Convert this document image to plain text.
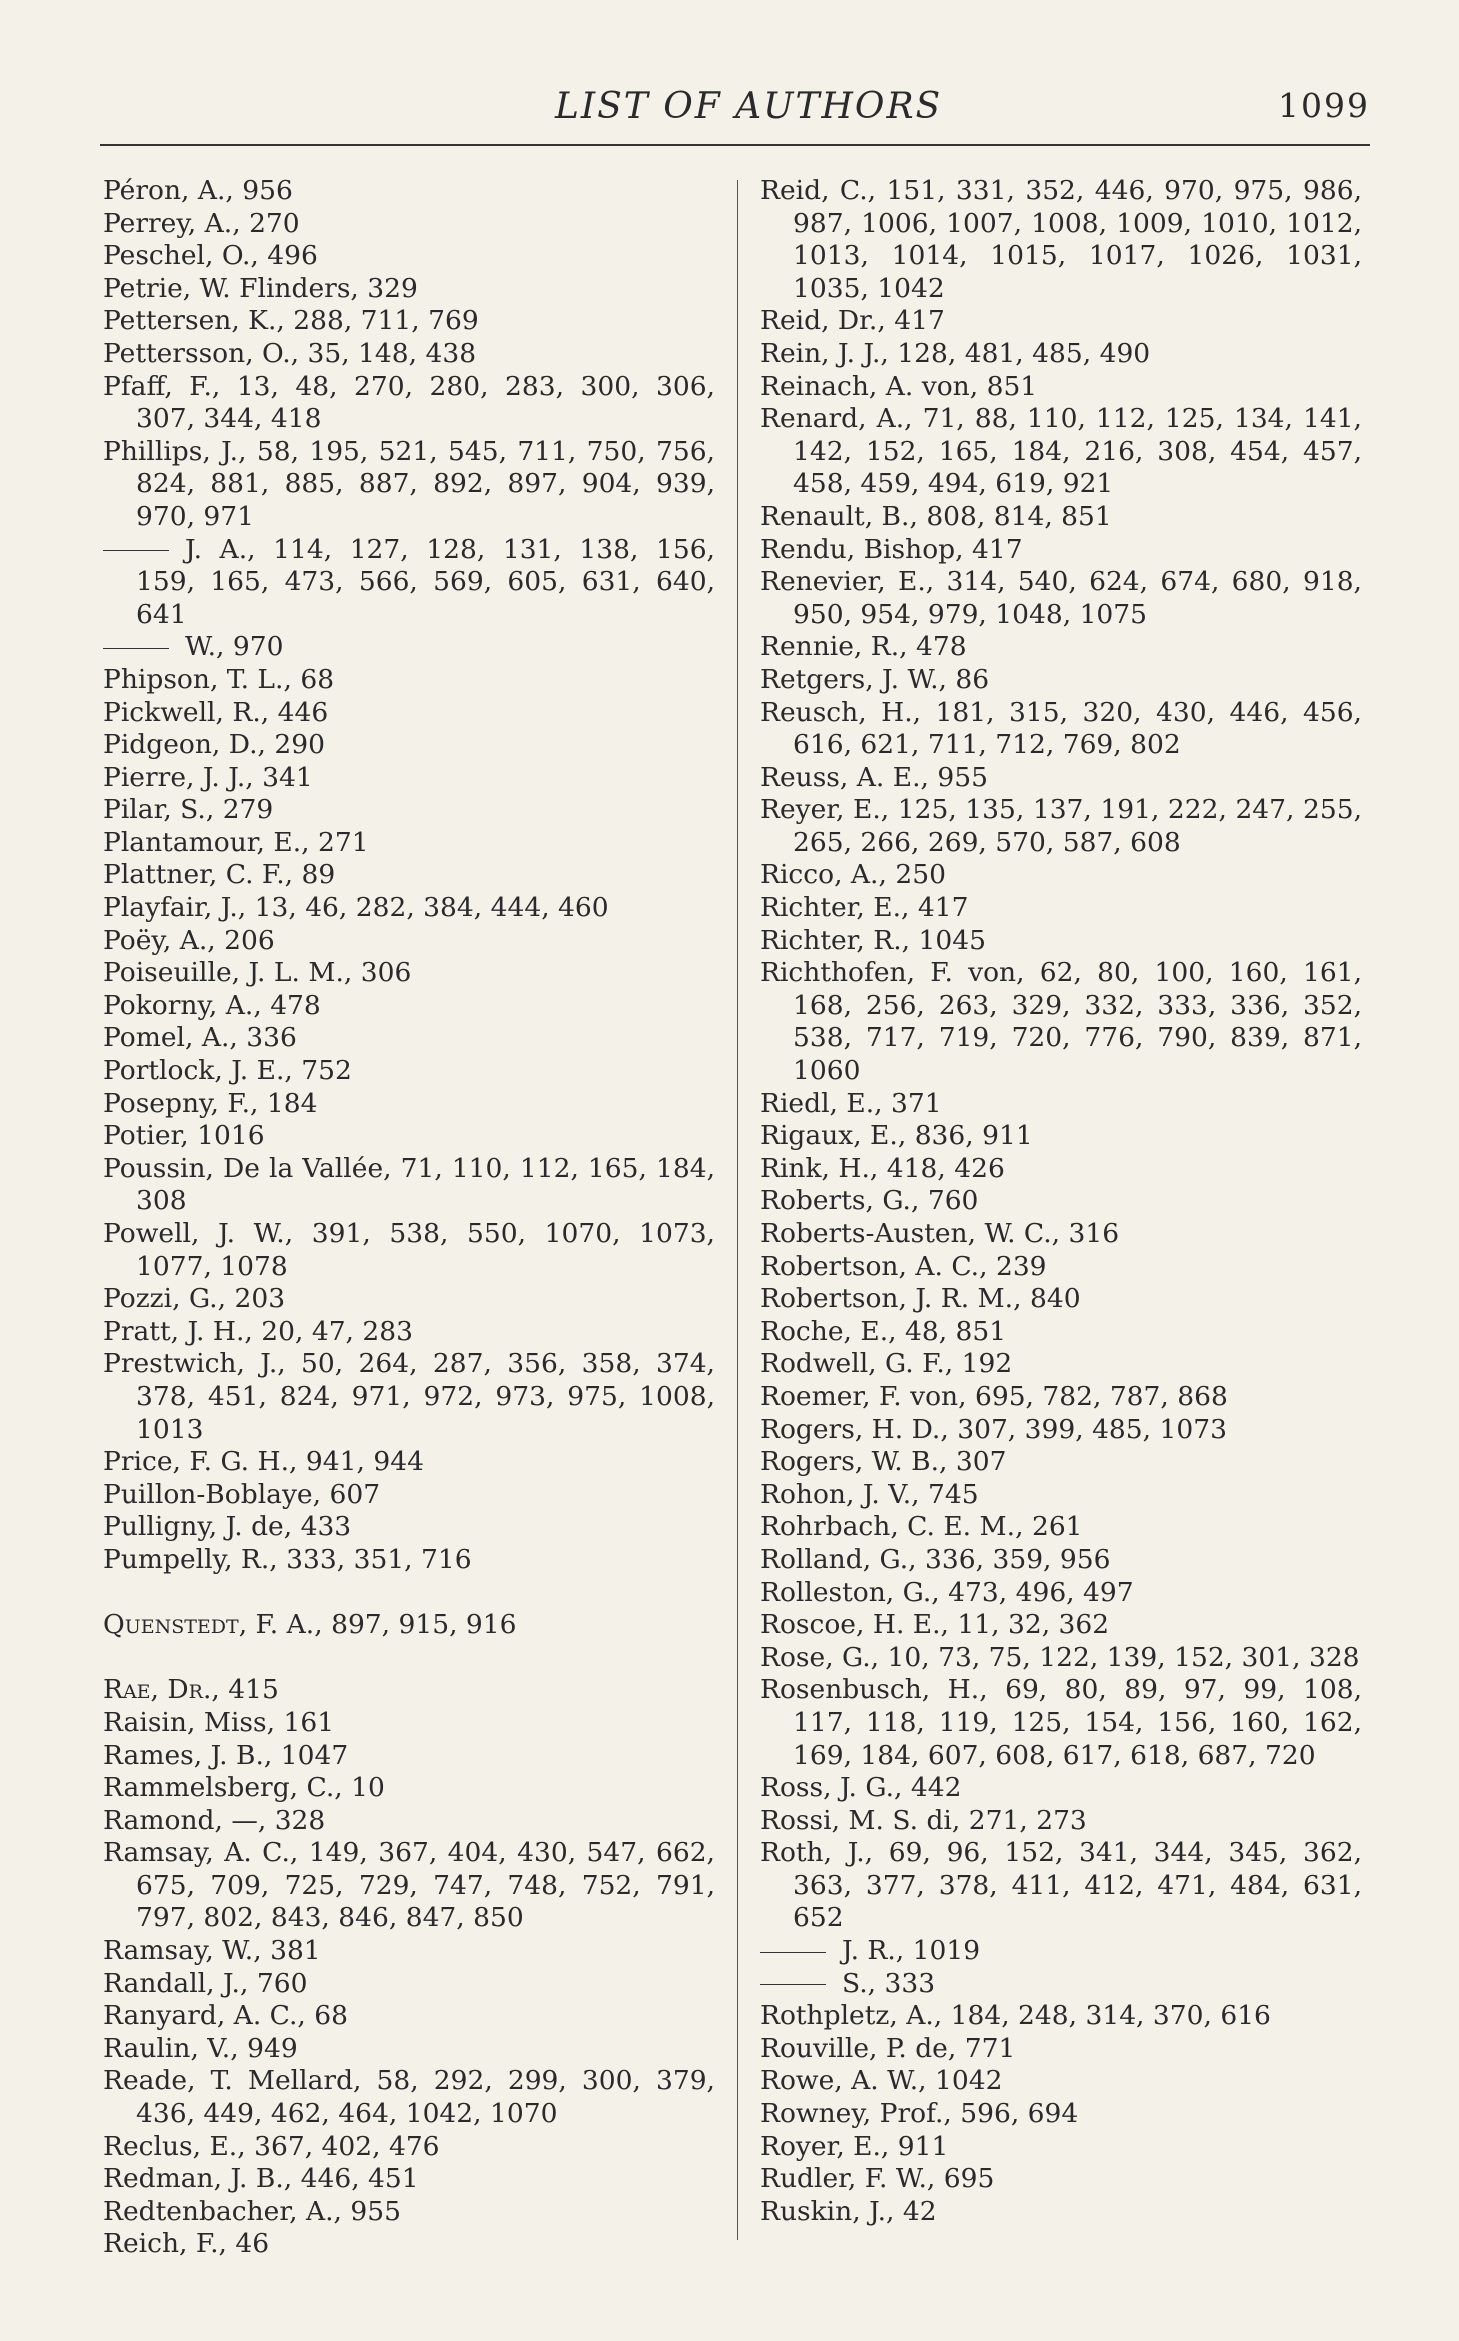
LIST OF AUTHORS	1099
Péron, A., 956
Perrey, A., 270
Peschel, O., 496
Petrie, W. Flinders, 329
Pettersen, K., 288, 711, 769
Pettersson, O., 35, 148, 438
Pfaff, F., 13, 48, 270, 280, 283, 300, 306, 307, 344, 418
Phillips, J., 58, 195, 521, 545, 711, 750, 756, 824, 881, 885, 887, 892, 897, 904, 939, 970, 971
J. A., 114, 127, 128, 131, 138, 156, 159, 165, 473, 566, 569, 605, 631, 640, 641
W., 970
Phipson, T. L., 68
Pickwell, R., 446
Pidgeon, D., 290
Pierre, J. J., 341
Pilar, S., 279
Plantamour, E., 271
Plattner, C. F., 89
Playfair, J., 13, 46, 282, 384, 444, 460
Poëy, A., 206
Poiseuille, J. L. M., 306
Pokorny, A., 478
Pomel, A., 336
Portlock, J. E., 752
Posepny, F., 184
Potier, 1016
Poussin, De la Vallée, 71, 110, 112, 165, 184, 308
Powell, J. W., 391, 538, 550, 1070, 1073, 1077, 1078
Pozzi, G., 203
Pratt, J. H., 20, 47, 283
Prestwich, J., 50, 264, 287, 356, 358, 374, 378, 451, 824, 971, 972, 973, 975, 1008, 1013
Price, F. G. H., 941, 944
Puillon-Boblaye, 607
Pulligny, J. de, 433
Pumpelly, R., 333, 351, 716
Quenstedt, F. A., 897, 915, 916
Rae, Dr., 415
Raisin, Miss, 161
Rames, J. B., 1047
Rammelsberg, C., 10
Ramond, —, 328
Ramsay, A. C., 149, 367, 404, 430, 547, 662, 675, 709, 725, 729, 747, 748, 752, 791, 797, 802, 843, 846, 847, 850
Ramsay, W., 381
Randall, J., 760
Ranyard, A. C., 68
Raulin, V., 949
Reade, T. Mellard, 58, 292, 299, 300, 379, 436, 449, 462, 464, 1042, 1070
Reclus, E., 367, 402, 476
Redman, J. B., 446, 451
Redtenbacher, A., 955
Reich, F., 46
Reid, C., 151, 331, 352, 446, 970, 975, 986, 987, 1006, 1007, 1008, 1009, 1010, 1012, 1013, 1014, 1015, 1017, 1026, 1031, 1035, 1042
Reid, Dr., 417
Rein, J. J., 128, 481, 485, 490
Reinach, A. von, 851
Renard, A., 71, 88, 110, 112, 125, 134, 141, 142, 152, 165, 184, 216, 308, 454, 457, 458, 459, 494, 619, 921
Renault, B., 808, 814, 851
Rendu, Bishop, 417
Renevier, E., 314, 540, 624, 674, 680, 918, 950, 954, 979, 1048, 1075
Rennie, R., 478
Retgers, J. W., 86
Reusch, H., 181, 315, 320, 430, 446, 456, 616, 621, 711, 712, 769, 802
Reuss, A. E., 955
Reyer, E., 125, 135, 137, 191, 222, 247, 255, 265, 266, 269, 570, 587, 608
Ricco, A., 250
Richter, E., 417
Richter, R., 1045
Richthofen, F. von, 62, 80, 100, 160, 161, 168, 256, 263, 329, 332, 333, 336, 352, 538, 717, 719, 720, 776, 790, 839, 871, 1060
Riedl, E., 371
Rigaux, E., 836, 911
Rink, H., 418, 426
Roberts, G., 760
Roberts-Austen, W. C., 316
Robertson, A. C., 239
Robertson, J. R. M., 840
Roche, E., 48, 851
Rodwell, G. F., 192
Roemer, F. von, 695, 782, 787, 868
Rogers, H. D., 307, 399, 485, 1073
Rogers, W. B., 307
Rohon, J. V., 745
Rohrbach, C. E. M., 261
Rolland, G., 336, 359, 956
Rolleston, G., 473, 496, 497
Roscoe, H. E., 11, 32, 362
Rose, G., 10, 73, 75, 122, 139, 152, 301, 328
Rosenbusch, H., 69, 80, 89, 97, 99, 108, 117, 118, 119, 125, 154, 156, 160, 162, 169, 184, 607, 608, 617, 618, 687, 720
Ross, J. G., 442
Rossi, M. S. di, 271, 273
Roth, J., 69, 96, 152, 341, 344, 345, 362, 363, 377, 378, 411, 412, 471, 484, 631, 652
J. R., 1019
S., 333
Rothpletz, A., 184, 248, 314, 370, 616
Rouville, P. de, 771
Rowe, A. W., 1042
Rowney, Prof., 596, 694
Royer, E., 911
Rudler, F. W., 695
Ruskin, J., 42
